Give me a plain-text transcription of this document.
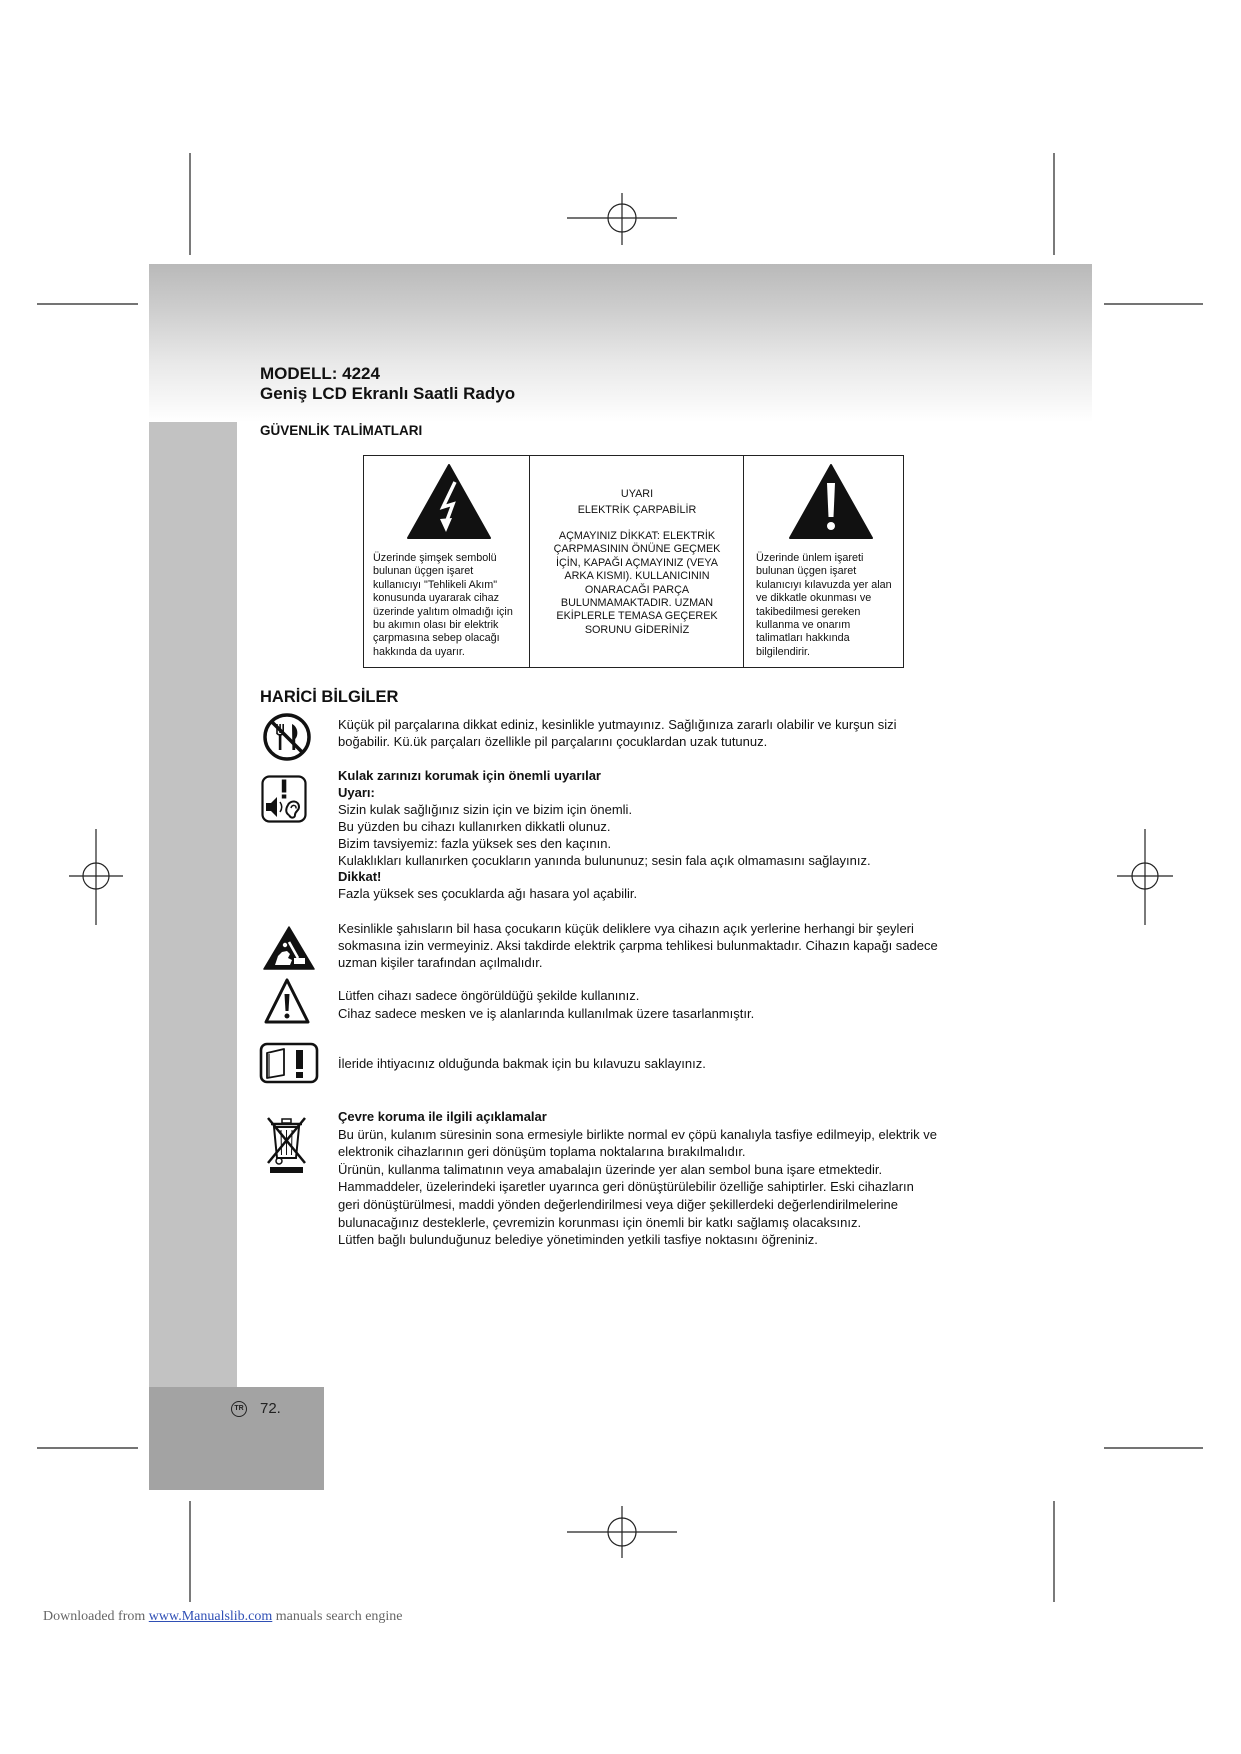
MODELL: 4224
Geniş LCD Ekranlı Saatli Radyo
GÜVENLİK TALİMATLARI
Üzerinde şimşek sembolü
bulunan üçgen işaret
kullanıcıyı "Tehlikeli Akım"
konusunda uyararak cihaz
üzerinde yalıtım olmadığı için
bu akımın olası bir elektrik
çarpmasına sebep olacağı
hakkında da uyarır.
UYARI
ELEKTRİK ÇARPABİLİR
AÇMAYINIZ DİKKAT: ELEKTRİK
ÇARPMASININ ÖNÜNE GEÇMEK
İÇİN, KAPAĞI AÇMAYINIZ (VEYA
ARKA KISMI). KULLANICININ
ONARACAĞI PARÇA
BULUNMAMAKTADIR. UZMAN
EKİPLERLE TEMASA GEÇEREK
SORUNU GİDERİNİZ
Üzerinde ünlem işareti
bulunan üçgen işaret
kulanıcıyı kılavuzda yer alan
ve dikkatle okunması ve
takibedilmesi gereken
kullanma ve onarım
talimatları hakkında
bilgilendirir.
HARİCİ BİLGİLER
Küçük pil parçalarına dikkat ediniz, kesinlikle yutmayınız. Sağlığınıza zararlı olabilir ve kurşun sizi
boğabilir. Kü.ük parçaları özellikle pil parçalarını çocuklardan uzak tutunuz.
Kulak zarınızı korumak için önemli uyarılar
Uyarı:
Sizin kulak sağlığınız sizin için ve bizim için önemli.
Bu yüzden bu cihazı kullanırken dikkatli olunuz.
Bizim tavsiyemiz: fazla yüksek ses den kaçının.
Kulaklıkları kullanırken çocukların yanında bulununuz; sesin fala açık olmamasını sağlayınız.
Dikkat!
Fazla yüksek ses çocuklarda ağı hasara yol açabilir.
Kesinlikle şahısların bil hasa çocukarın küçük deliklere vya cihazın açık yerlerine herhangi bir şeyleri
sokmasına izin vermeyiniz. Aksi takdirde elektrik çarpma tehlikesi bulunmaktadır. Cihazın kapağı sadece
uzman kişiler tarafından açılmalıdır.
Lütfen cihazı sadece öngörüldüğü şekilde kullanınız.
Cihaz sadece mesken ve iş alanlarında kullanılmak üzere tasarlanmıştır.
İleride ihtiyacınız olduğunda bakmak için bu kılavuzu saklayınız.
Çevre koruma ile ilgili açıklamalar
Bu ürün, kulanım süresinin sona ermesiyle birlikte normal ev çöpü kanalıyla tasfiye edilmeyip, elektrik ve
elektronik cihazlarının geri dönüşüm toplama noktalarına bırakılmalıdır.
Ürünün, kullanma talimatının veya amabalajın üzerinde yer alan sembol buna işare etmektedir.
Hammaddeler, üzelerindeki işaretler uyarınca geri dönüştürülebilir özelliğe sahiptirler. Eski cihazların
geri dönüştürülmesi, maddi yönden değerlendirilmesi veya diğer şekillerdeki değerlendirilmelerine
bulunacağınız desteklerle, çevremizin korunması için önemli bir katkı sağlamış olacaksınız.
Lütfen bağlı bulunduğunuz belediye yönetiminden yetkili tasfiye noktasını öğreniniz.
TR 72.
Downloaded from www.Manualslib.com manuals search engine
